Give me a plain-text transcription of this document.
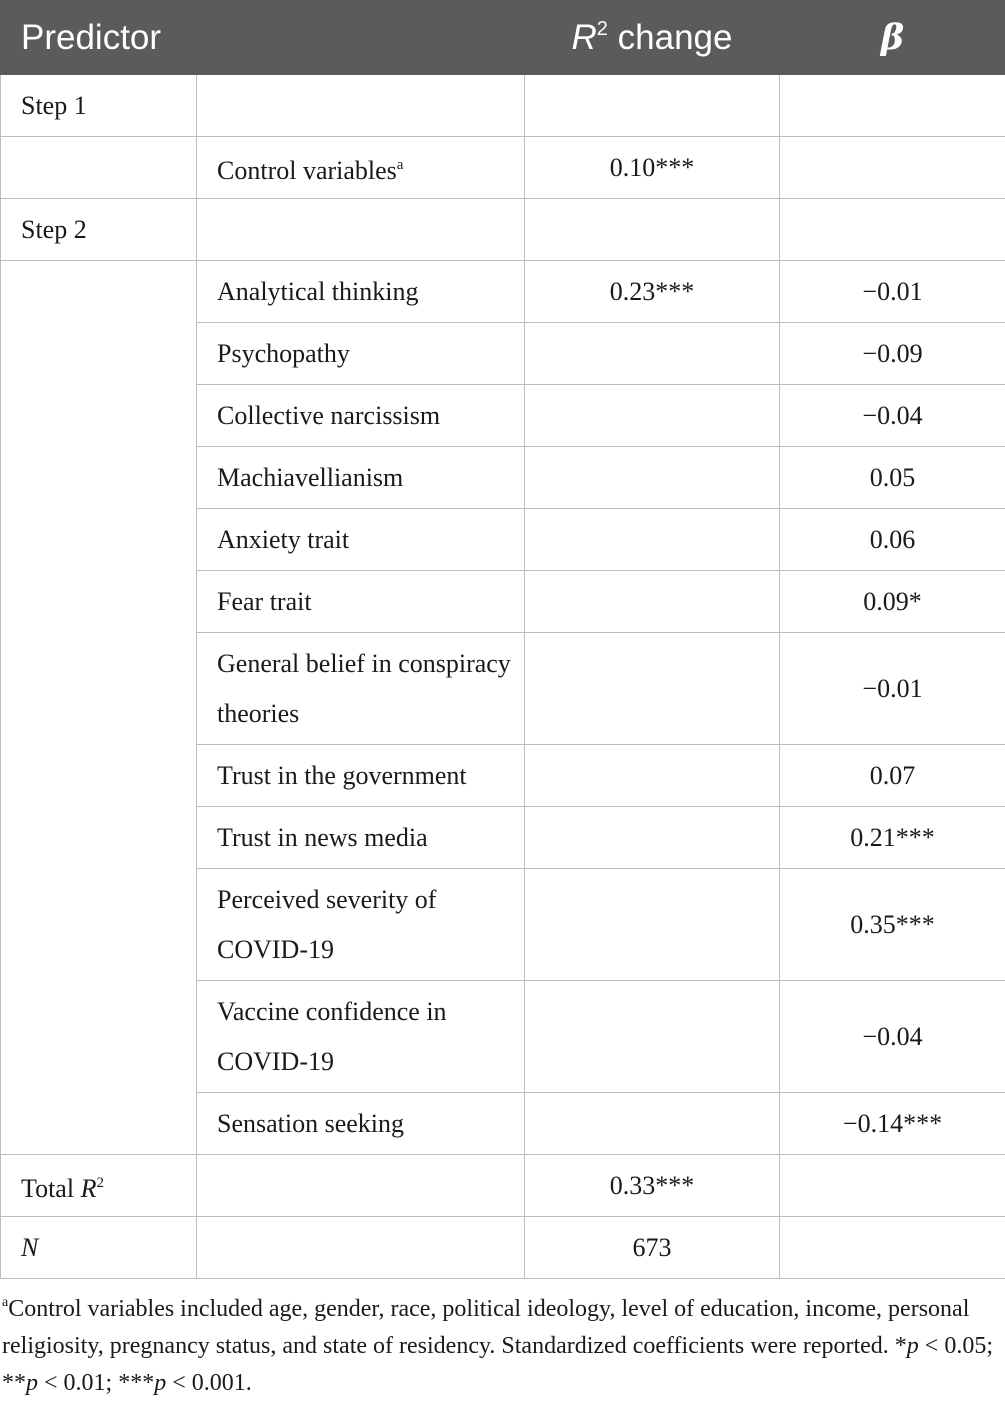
Predictor		$R^2$ change	β
Step 1			
	Control variables$^a$	0.10***	
Step 2			
	Analytical thinking	0.23***	−0.01
	Psychopathy		−0.09
	Collective narcissism		−0.04
	Machiavellianism		0.05
	Anxiety trait		0.06
	Fear trait		0.09*
	General belief in conspiracy theories		−0.01
	Trust in the government		0.07
	Trust in news media		0.21***
	Perceived severity of COVID-19		0.35***
	Vaccine confidence in COVID-19		−0.04
	Sensation seeking		−0.14***
Total $R^2$		0.33***	
N		673	
$^a$Control variables included age, gender, race, political ideology, level of education, income, personal religiosity, pregnancy status, and state of residency. Standardized coefficients were reported. *p < 0.05; **p < 0.01; ***p < 0.001.
